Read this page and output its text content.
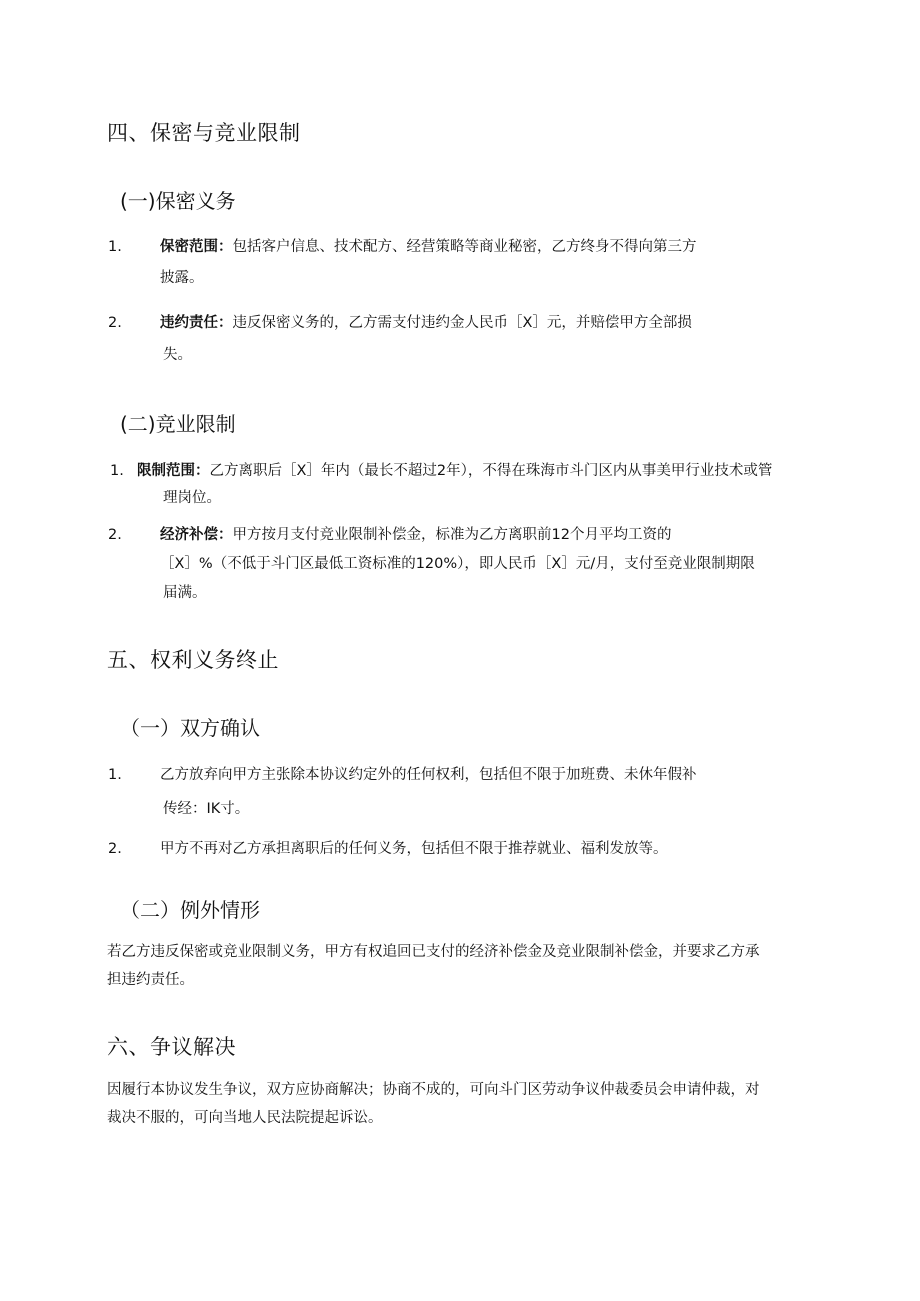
四、保密与竞业限制
(一)保密义务
1.	保密范围：包括客户信息、技术配方、经营策略等商业秘密，乙方终身不得向第三方
披露。
2.	违约责任：违反保密义务的，乙方需支付违约金人民币［X］元，并赔偿甲方全部损
失。
(二)竞业限制
1. 限制范围：乙方离职后［X］年内（最长不超过2年），不得在珠海市斗门区内从事美甲行业技术或管
理岗位。
2.	经济补偿：甲方按月支付竞业限制补偿金，标准为乙方离职前12个月平均工资的
［X］%（不低于斗门区最低工资标准的120%），即人民币［X］元/月，支付至竞业限制期限
届满。
五、权利义务终止
（一）双方确认
1.	乙方放弃向甲方主张除本协议约定外的任何权利，包括但不限于加班费、未休年假补
传经：IK寸。
2.	甲方不再对乙方承担离职后的任何义务，包括但不限于推荐就业、福利发放等。
（二）例外情形
若乙方违反保密或竞业限制义务，甲方有权追回已支付的经济补偿金及竞业限制补偿金，并要求乙方承
担违约责任。
六、争议解决
因履行本协议发生争议，双方应协商解决；协商不成的，可向斗门区劳动争议仲裁委员会申请仲裁，对
裁决不服的，可向当地人民法院提起诉讼。
